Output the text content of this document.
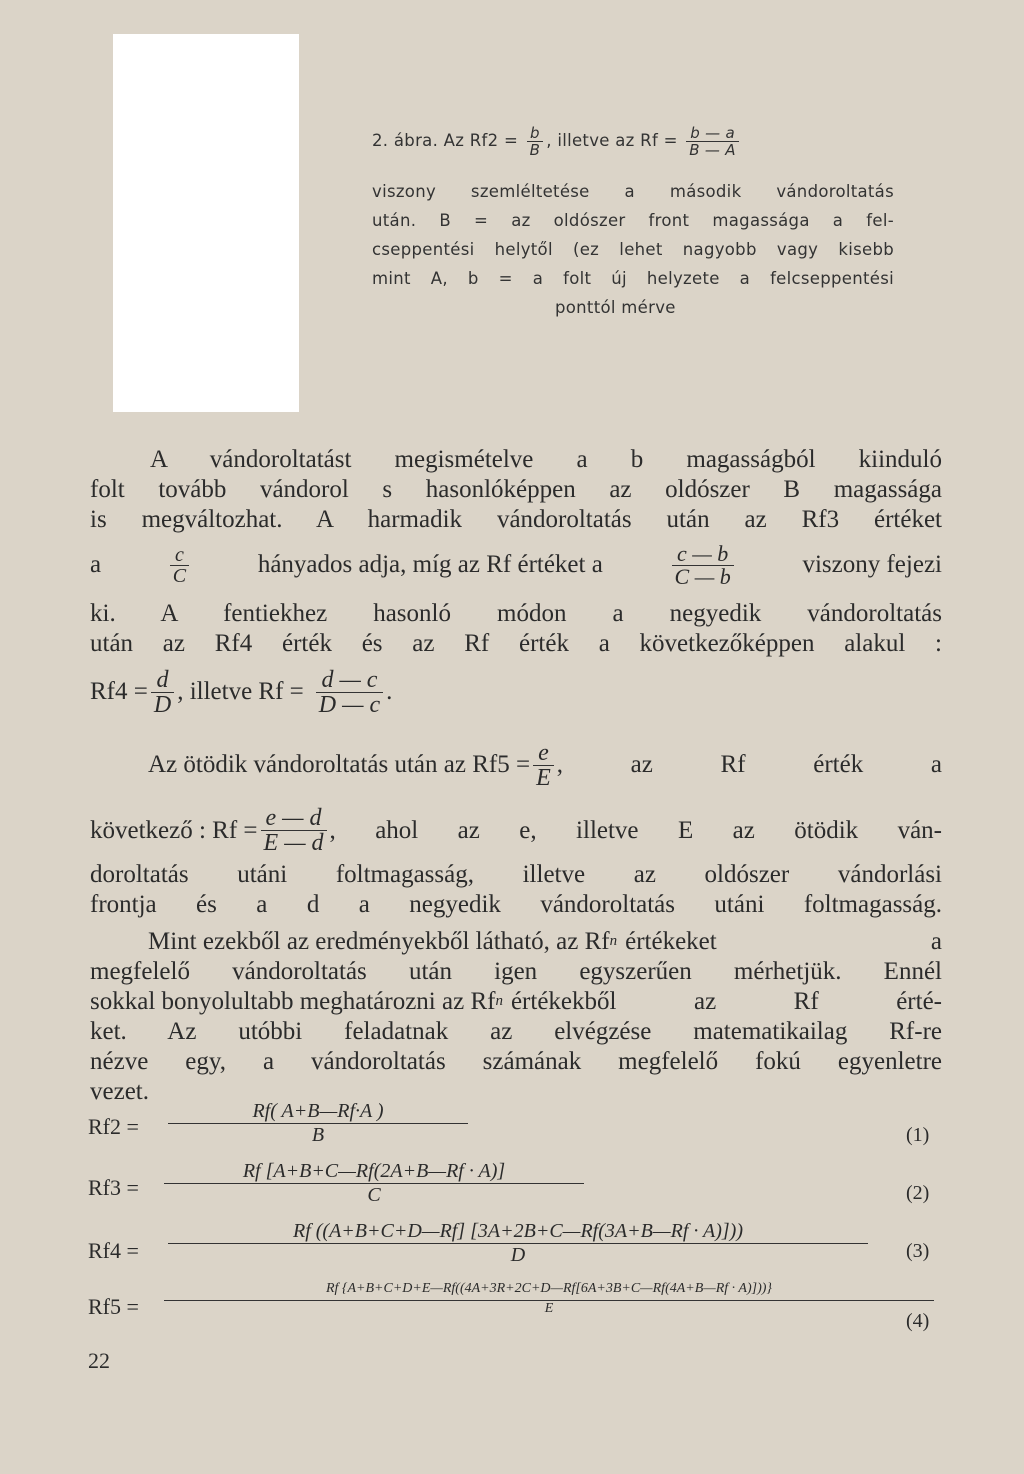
2. ábra. Az $Rf2 = \frac{b}{B}$ , illetve az $Rf = \frac{b — a}{B — A}$
viszony szemléltetése a második vándoroltatás
után. B = az oldószer front magassága a fel-
cseppentési helytől (ez lehet nagyobb vagy kisebb
mint A, b = a folt új helyzete a felcseppentési
ponttól mérve
A vándoroltatást megismételve a b magasságból kiinduló
folt tovább vándorol s hasonlóképpen az oldószer B magassága
is megváltozhat. A harmadik vándoroltatás után az Rf3 értéket
a	$\frac{c}{C}$	hányados adja, míg az Rf értéket a	$\frac{c — b}{C — b}$	viszony fejezi
ki. A fentiekhez hasonló módon a negyedik vándoroltatás
után az Rf4 érték és az Rf érték a következőképpen alakul :
$Rf4 = \frac{d}{D}$ , illetve $Rf = \frac{d — c}{D — c}$ .
Az ötödik vándoroltatás után az $Rf5 = \frac{e}{E}$ , az Rf érték a
következő : $Rf = \frac{e — d}{E — d}$ , ahol az e, illetve E az ötödik ván-
doroltatás utáni foltmagasság, illetve az oldószer vándorlási
frontja és a d a negyedik vándoroltatás utáni foltmagasság.
Mint ezekből az eredményekből látható, az Rf n értékeket a
megfelelő vándoroltatás után igen egyszerűen mérhetjük. Ennél
sokkal bonyolultabb meghatározni az Rf n értékekből az Rf érté-
ket. Az utóbbi feladatnak az elvégzése matematikailag Rf-re
nézve egy, a vándoroltatás számának megfelelő fokú egyenletre
vezet.
$Rf2 = \frac{Rf( A+B—Rf\cdot A )}{B}$	(1)
$Rf3 = \frac{Rf [A+B+C—Rf(2A+B—Rf \cdot A)]}{C}$	(2)
$Rf4 = \frac{Rf ((A+B+C+D—Rf] [3A+2B+C—Rf(3A+B—Rf \cdot A)]))}{D} (3)$
$Rf5 = \frac{Rf \{A+B+C+D+E—Rf((4A+3R+2C+D—Rf[6A+3B+C—Rf(4A+B—Rf \cdot A)]))\}}{E}$
(4)
22
